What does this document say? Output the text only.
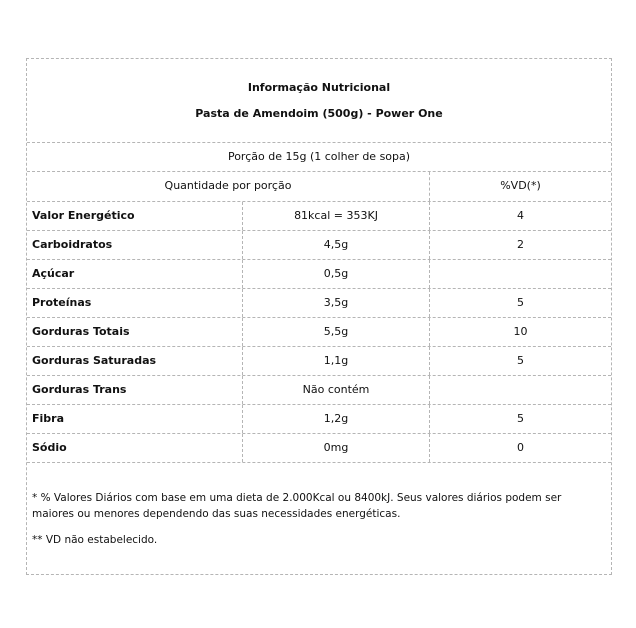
Informação Nutricional
Pasta de Amendoim (500g) - Power One
Porção de 15g (1 colher de sopa)
Quantidade por porção	%VD(*)
Valor Energético	81kcal = 353KJ	4
Carboidratos	4,5g	2
Açúcar	0,5g
Proteínas	3,5g	5
Gorduras Totais	5,5g	10
Gorduras Saturadas	1,1g	5
Gorduras Trans	Não contém
Fibra	1,2g	5
Sódio	0mg	0

* % Valores Diários com base em uma dieta de 2.000Kcal ou 8400kJ. Seus valores diários podem ser maiores ou menores dependendo das suas necessidades energéticas.

** VD não estabelecido.
